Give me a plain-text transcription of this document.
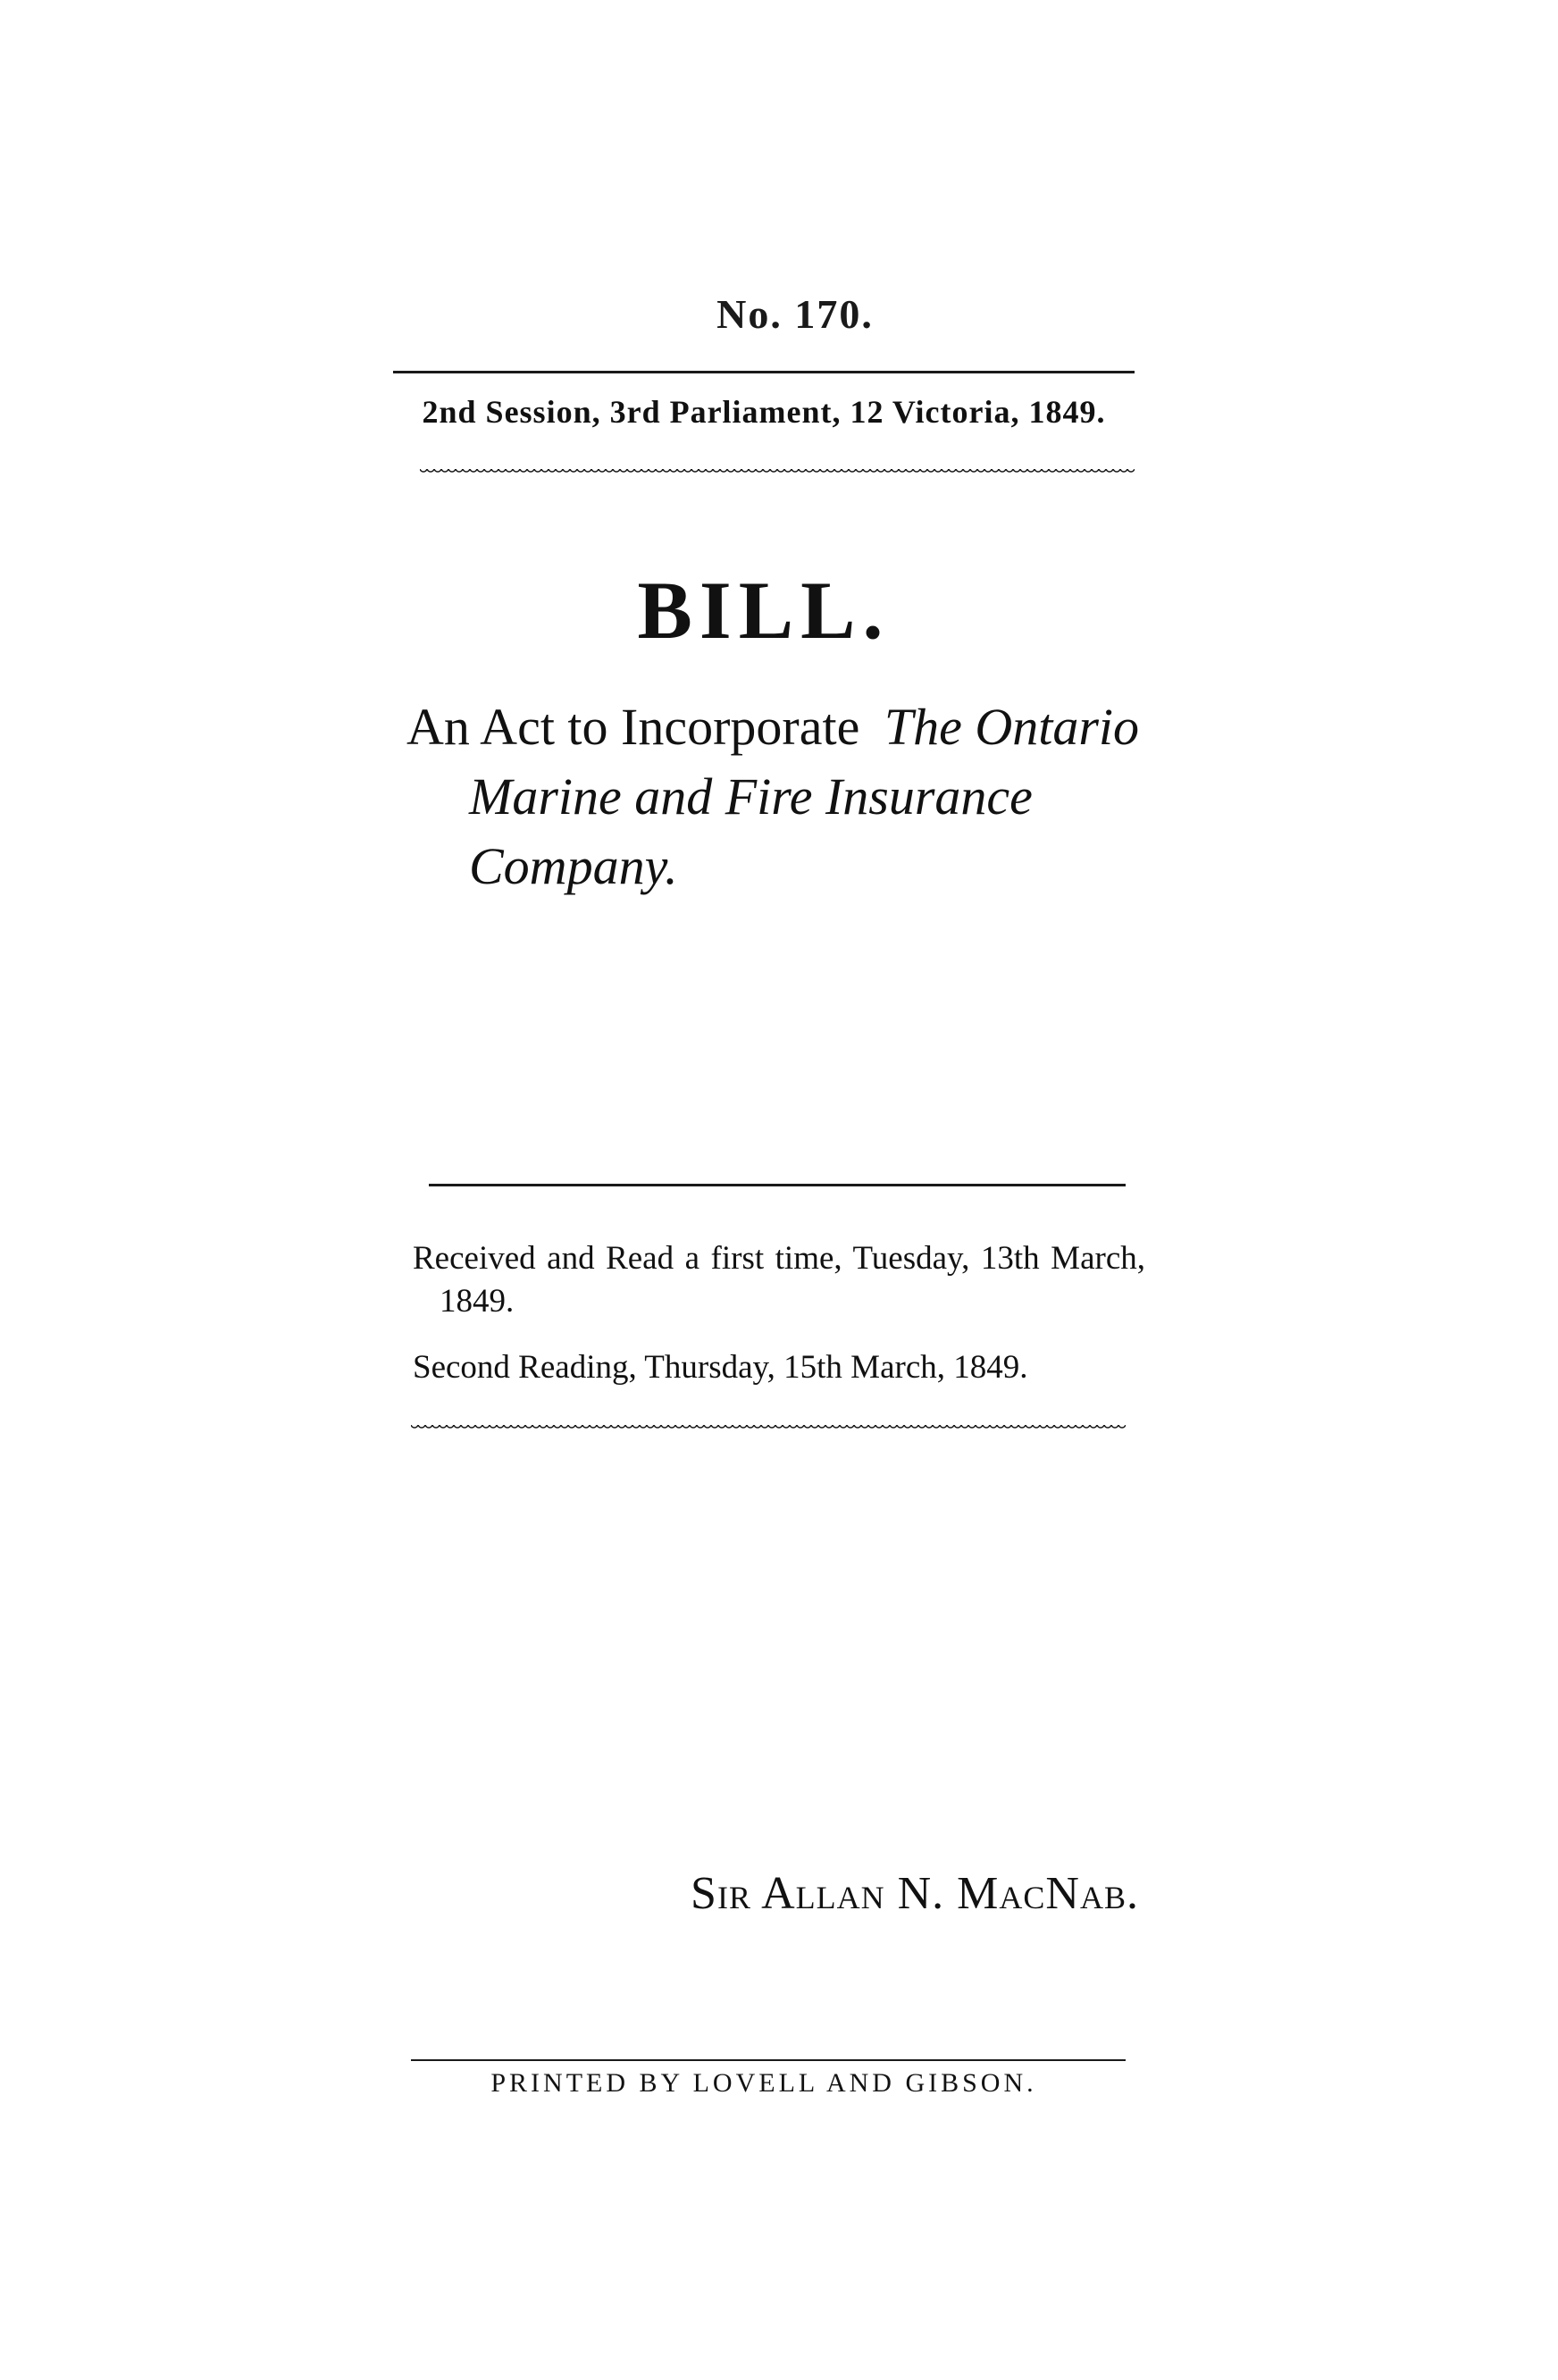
No. 170.
2nd Session, 3rd Parliament, 12 Victoria, 1849.
BILL.
An Act to Incorporate The Ontario
Marine and Fire Insurance Company.

Received and Read a first time, Tuesday, 13th March, 1849.

Second Reading, Thursday, 15th March, 1849.

Sir Allan N. MacNab.
PRINTED BY LOVELL AND GIBSON.
